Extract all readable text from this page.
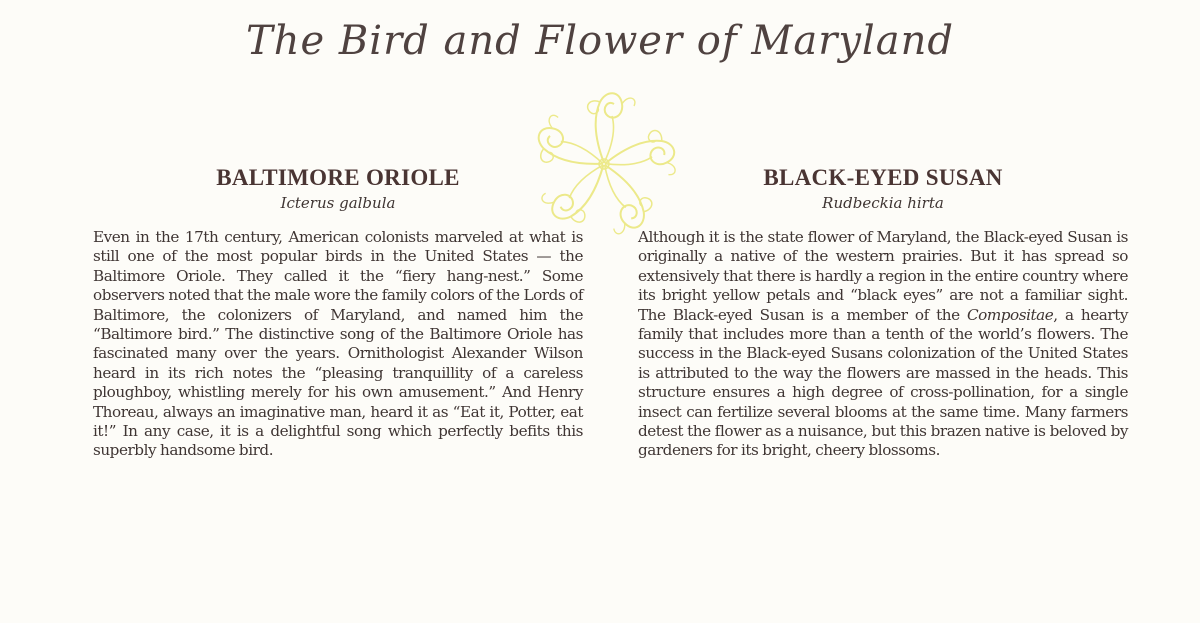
The Bird and Flower of Maryland
BALTIMORE ORIOLE
Icterus galbula
Even in the 17th century, American colonists marveled at what is still one of the most popular birds in the United States — the Baltimore Oriole. They called it the “fiery hang-nest.” Some observers noted that the male wore the family colors of the Lords of Baltimore, the colonizers of Maryland, and named him the “Baltimore bird.” The distinctive song of the Baltimore Oriole has fascinated many over the years. Ornithologist Alexander Wilson heard in its rich notes the “pleasing tranquillity of a careless ploughboy, whistling merely for his own amusement.” And Henry Thoreau, always an imaginative man, heard it as “Eat it, Potter, eat it!” In any case, it is a delightful song which perfectly befits this superbly handsome bird.
BLACK-EYED SUSAN
Rudbeckia hirta
Although it is the state flower of Maryland, the Black-eyed Susan is originally a native of the western prairies. But it has spread so extensively that there is hardly a region in the entire country where its bright yellow petals and “black eyes” are not a familiar sight. The Black-eyed Susan is a member of the Compositae, a hearty family that includes more than a tenth of the world’s flowers. The success in the Black-eyed Susans colonization of the United States is attributed to the way the flowers are massed in the heads. This structure ensures a high degree of cross-pollination, for a single insect can fertilize several blooms at the same time. Many farmers detest the flower as a nuisance, but this brazen native is beloved by gardeners for its bright, cheery blossoms.
